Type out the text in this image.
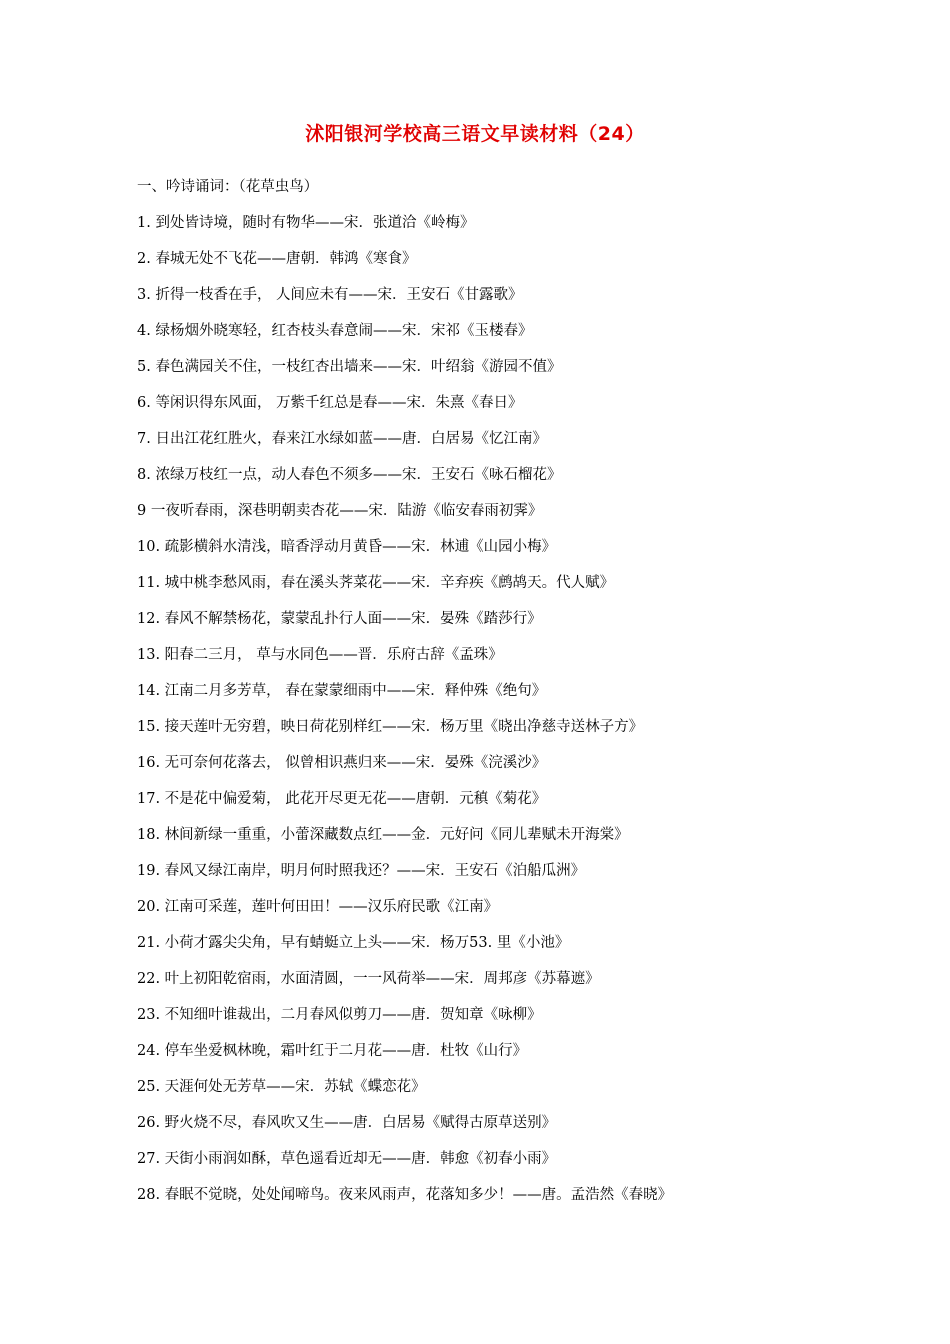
沭阳银河学校高三语文早读材料（24）
一、吟诗诵词：（花草虫鸟）
1. 到处皆诗境，随时有物华——宋．张道洽《岭梅》
2. 春城无处不飞花——唐朝．韩鸿《寒食》
3. 折得一枝香在手， 人间应未有——宋．王安石《甘露歌》
4. 绿杨烟外晓寒轻，红杏枝头春意闹——宋．宋祁《玉楼春》
5. 春色满园关不住，一枝红杏出墙来——宋．叶绍翁《游园不值》
6. 等闲识得东风面， 万紫千红总是春——宋．朱熹《春日》
7. 日出江花红胜火，春来江水绿如蓝——唐．白居易《忆江南》
8. 浓绿万枝红一点，动人春色不须多——宋．王安石《咏石榴花》
9 一夜听春雨，深巷明朝卖杏花——宋．陆游《临安春雨初霁》
10. 疏影横斜水清浅，暗香浮动月黄昏——宋．林逋《山园小梅》
11. 城中桃李愁风雨，春在溪头荠菜花——宋．辛弃疾《鹧鸪天。代人赋》
12. 春风不解禁杨花，蒙蒙乱扑行人面——宋．晏殊《踏莎行》
13. 阳春二三月， 草与水同色——晋．乐府古辞《孟珠》
14. 江南二月多芳草， 春在蒙蒙细雨中——宋．释仲殊《绝句》
15. 接天莲叶无穷碧，映日荷花别样红——宋．杨万里《晓出净慈寺送林子方》
16. 无可奈何花落去， 似曾相识燕归来——宋．晏殊《浣溪沙》
17. 不是花中偏爱菊， 此花开尽更无花——唐朝．元稹《菊花》
18. 林间新绿一重重，小蕾深藏数点红——金．元好问《同儿辈赋未开海棠》
19. 春风又绿江南岸，明月何时照我还？——宋．王安石《泊船瓜洲》
20. 江南可采莲，莲叶何田田！——汉乐府民歌《江南》
21. 小荷才露尖尖角，早有蜻蜓立上头——宋．杨万53. 里《小池》
22. 叶上初阳乾宿雨，水面清圆，一一风荷举——宋．周邦彦《苏幕遮》
23. 不知细叶谁裁出，二月春风似剪刀——唐．贺知章《咏柳》
24. 停车坐爱枫林晚，霜叶红于二月花——唐．杜牧《山行》
25. 天涯何处无芳草——宋．苏轼《蝶恋花》
26. 野火烧不尽，春风吹又生——唐．白居易《赋得古原草送别》
27. 天街小雨润如酥，草色遥看近却无——唐．韩愈《初春小雨》
28. 春眠不觉晓，处处闻啼鸟。夜来风雨声，花落知多少！——唐。孟浩然《春晓》
